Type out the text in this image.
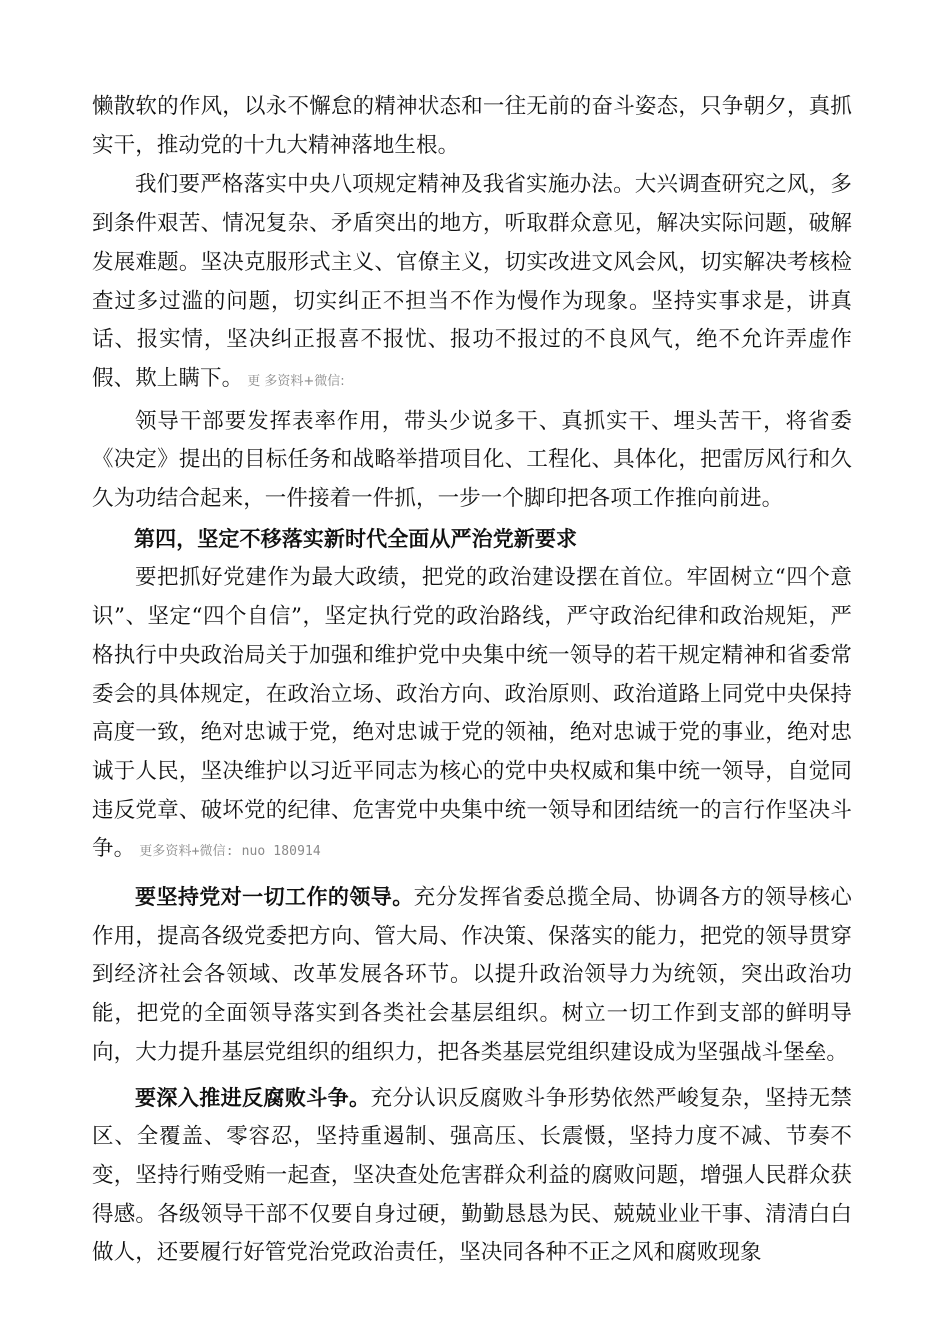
懒散软的作风，以永不懈怠的精神状态和一往无前的奋斗姿态，只争朝夕，真抓实干，推动党的十九大精神落地生根。

我们要严格落实中央八项规定精神及我省实施办法。大兴调查研究之风，多到条件艰苦、情况复杂、矛盾突出的地方，听取群众意见，解决实际问题，破解发展难题。坚决克服形式主义、官僚主义，切实改进文风会风，切实解决考核检查过多过滥的问题，切实纠正不担当不作为慢作为现象。坚持实事求是，讲真话、报实情，坚决纠正报喜不报忧、报功不报过的不良风气，绝不允许弄虚作假、欺上瞒下。 更 多资料+微信:

领导干部要发挥表率作用，带头少说多干、真抓实干、埋头苦干，将省委《决定》提出的目标任务和战略举措项目化、工程化、具体化，把雷厉风行和久久为功结合起来，一件接着一件抓，一步一个脚印把各项工作推向前进。

第四，坚定不移落实新时代全面从严治党新要求

要把抓好党建作为最大政绩，把党的政治建设摆在首位。牢固树立“四个意识”、坚定“四个自信”，坚定执行党的政治路线，严守政治纪律和政治规矩，严格执行中央政治局关于加强和维护党中央集中统一领导的若干规定精神和省委常委会的具体规定，在政治立场、政治方向、政治原则、政治道路上同党中央保持高度一致，绝对忠诚于党，绝对忠诚于党的领袖，绝对忠诚于党的事业，绝对忠诚于人民，坚决维护以习近平同志为核心的党中央权威和集中统一领导，自觉同违反党章、破坏党的纪律、危害党中央集中统一领导和团结统一的言行作坚决斗争。 更多资料+微信: nuo 180914

要坚持党对一切工作的领导。充分发挥省委总揽全局、协调各方的领导核心作用，提高各级党委把方向、管大局、作决策、保落实的能力，把党的领导贯穿到经济社会各领域、改革发展各环节。以提升政治领导力为统领，突出政治功能，把党的全面领导落实到各类社会基层组织。树立一切工作到支部的鲜明导向，大力提升基层党组织的组织力，把各类基层党组织建设成为坚强战斗堡垒。

要深入推进反腐败斗争。充分认识反腐败斗争形势依然严峻复杂，坚持无禁区、全覆盖、零容忍，坚持重遏制、强高压、长震慑，坚持力度不减、节奏不变，坚持行贿受贿一起查，坚决查处危害群众利益的腐败问题，增强人民群众获得感。各级领导干部不仅要自身过硬，勤勤恳恳为民、兢兢业业干事、清清白白做人，还要履行好管党治党政治责任，坚决同各种不正之风和腐败现象
